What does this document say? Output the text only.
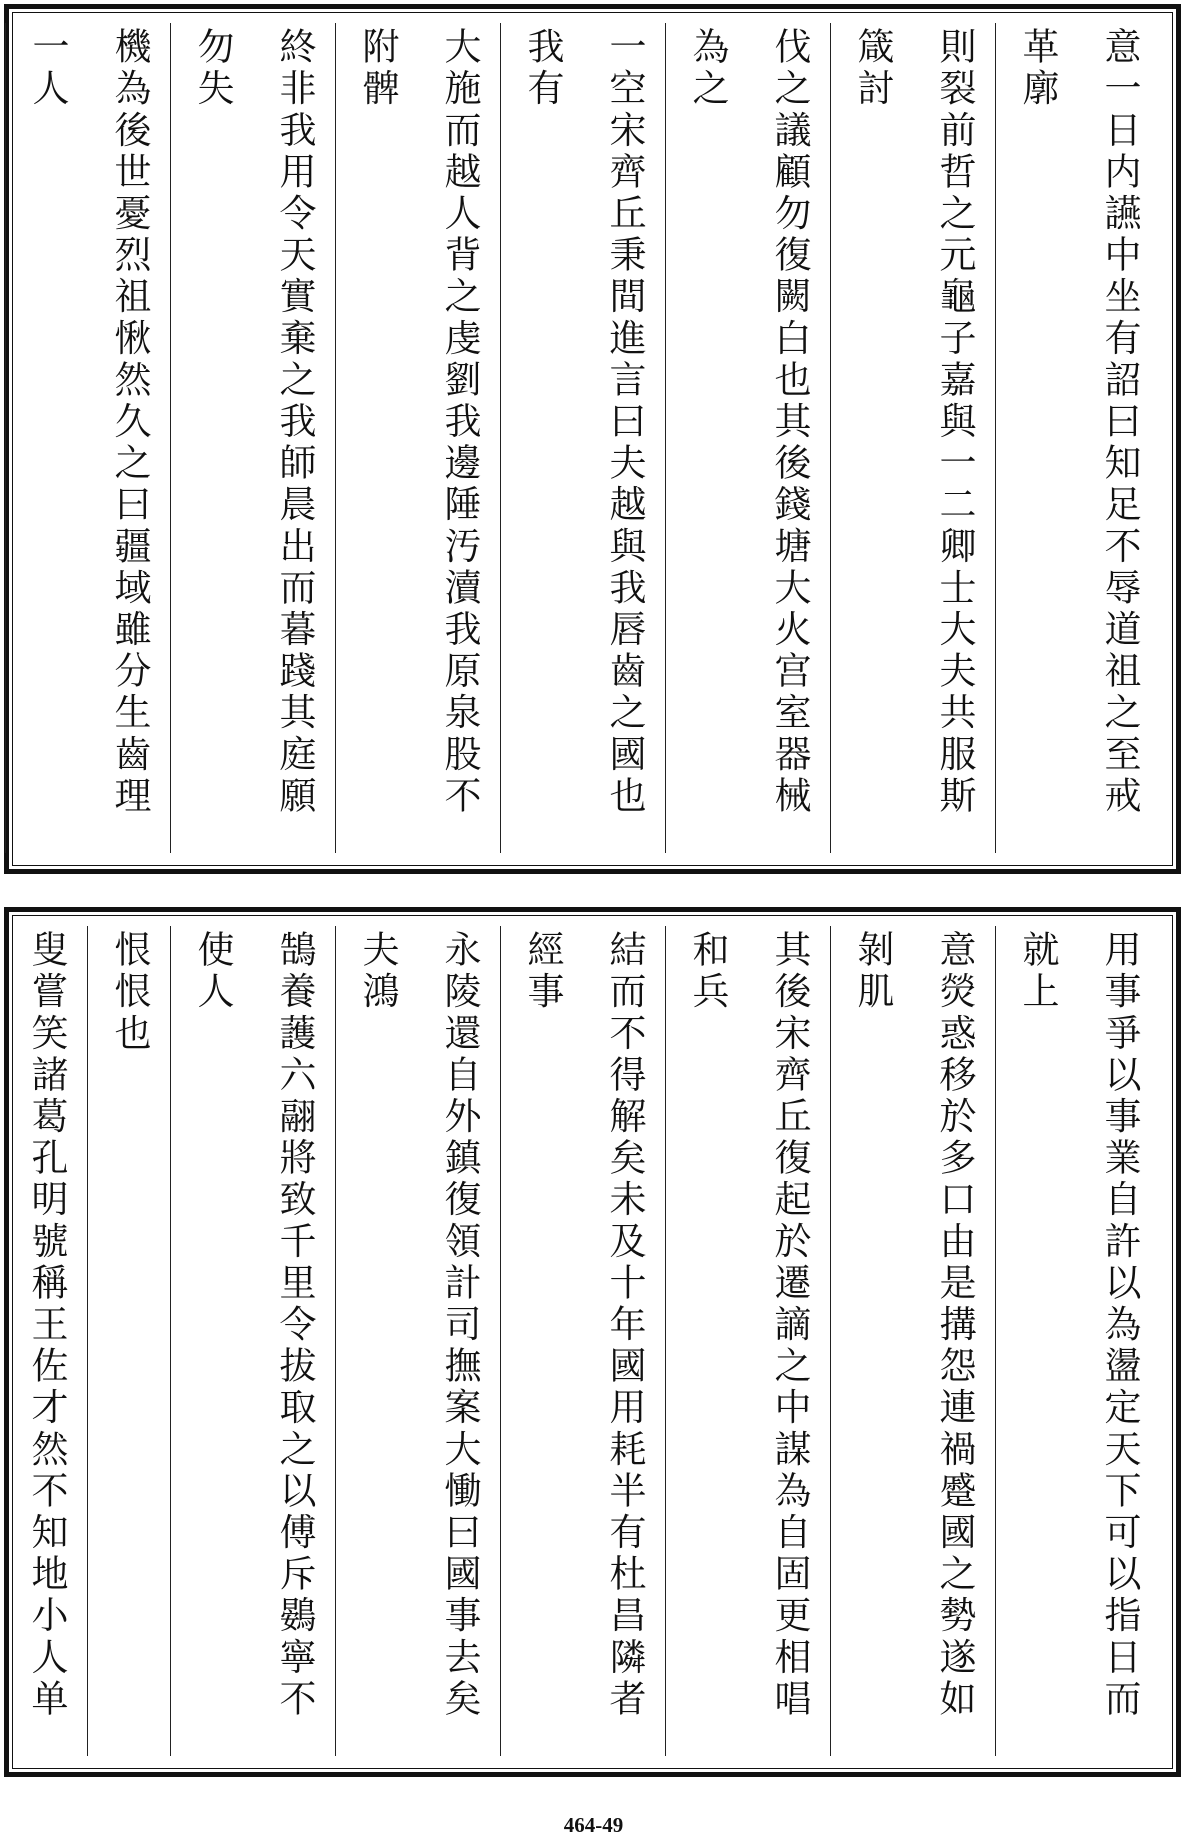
意一日内讌中坐有詔曰知足不辱道祖之至戒革廓
則裂前哲之元龜子嘉與一二卿士大夫共服斯箴討
伐之議顧勿復闕白也其後錢塘大火宫室器械為之
一空宋齊丘秉間進言曰夫越與我唇齒之國也我有
大施而越人背之虔劉我邊陲汚瀆我原泉股不附髀
終非我用令天實棄之我師晨出而暮踐其庭願勿失
機為後世憂烈祖愀然久之曰疆域雖分生齒理一人
用事爭以事業自許以為盪定天下可以指日而就上
意熒惑移於多口由是搆怨連禍蹙國之勢遂如剝肌
其後宋齊丘復起於遷謫之中謀為自固更相唱和兵
結而不得解矣未及十年國用耗半有杜昌隣者經事
永陵還自外鎮復領計司撫案大慟曰國事去矣夫鴻
鵠養䕶六翮將致千里令拔取之以傅斥鷃寧不使人
恨恨也
叟嘗笑諸葛孔明號稱王佐才然不知地小人单
464-49
